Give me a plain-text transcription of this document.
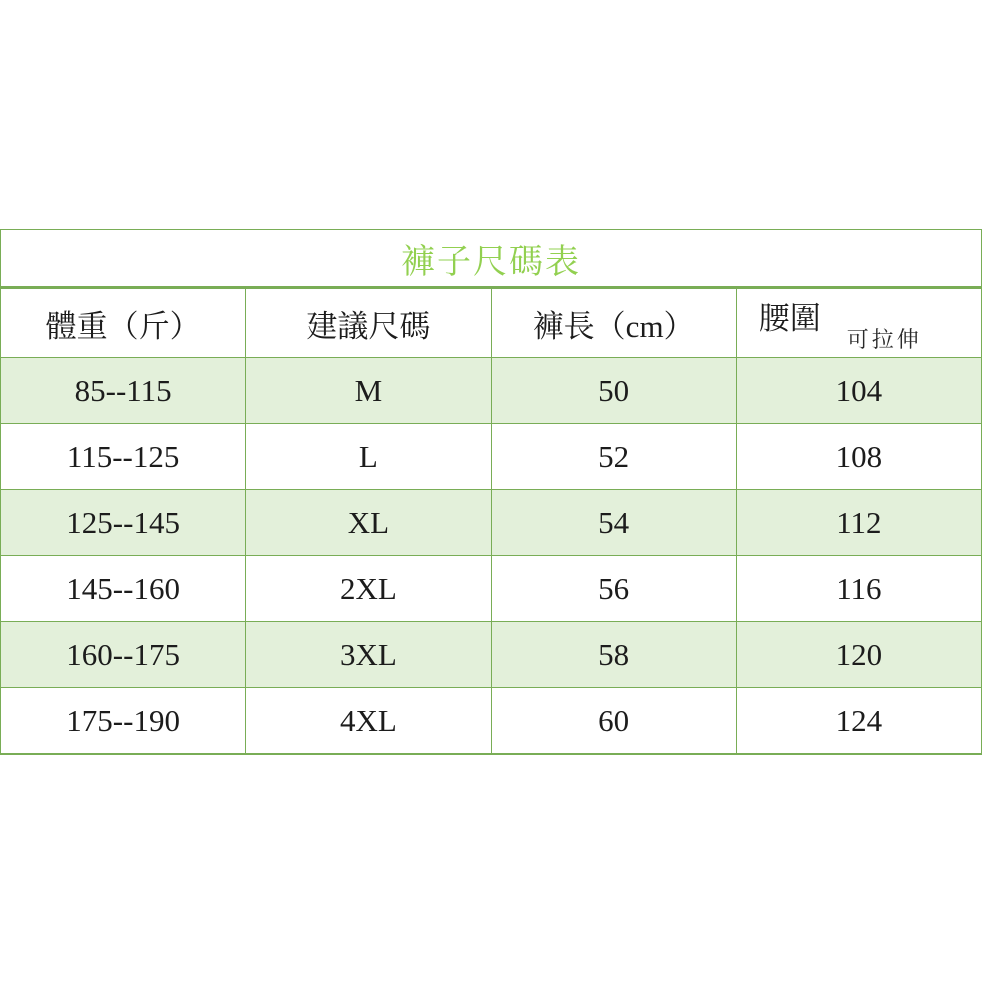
褲子尺碼表			
體重（斤）	建議尺碼	褲長（cm）	腰圍
可拉伸

85--115	M	50	104
115--125	L	52	108
125--145	XL	54	112
145--160	2XL	56	116
160--175	3XL	58	120
175--190	4XL	60	124
